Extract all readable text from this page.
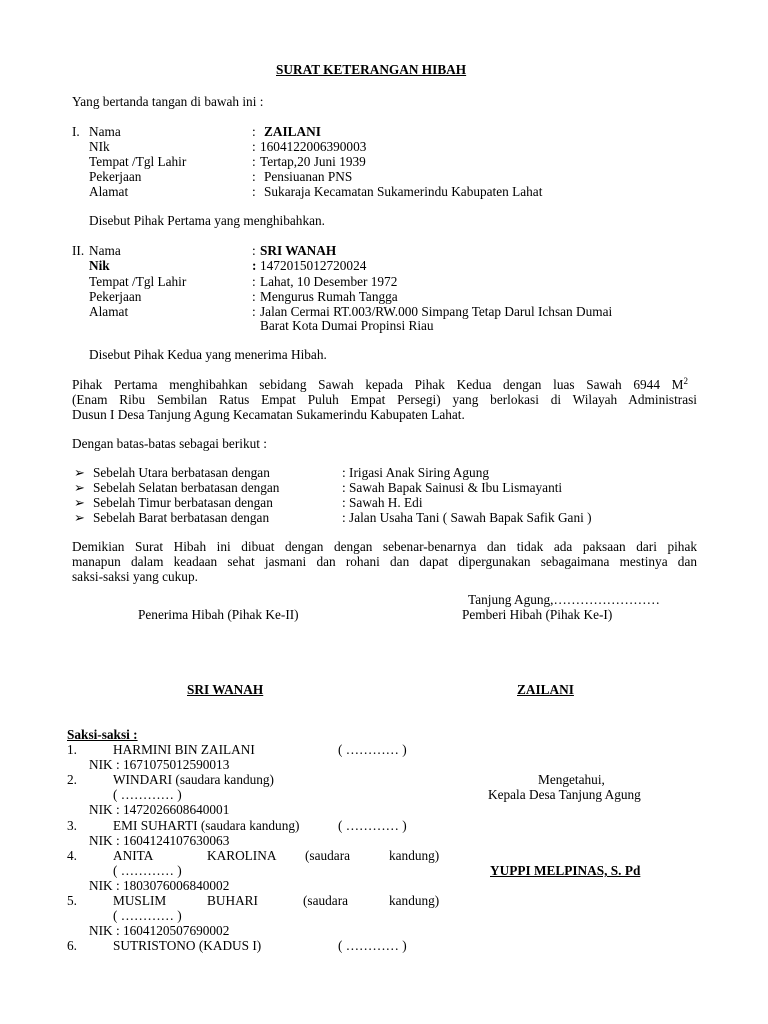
SURAT KETERANGAN HIBAH
Yang bertanda tangan di bawah ini :
I. Nama	: ZAILANI
NIk	: 1604122006390003
Tempat /Tgl Lahir	: Tertap,20 Juni 1939
Pekerjaan	: Pensiuanan PNS
Alamat	: Sukaraja Kecamatan Sukamerindu Kabupaten Lahat
Disebut Pihak Pertama yang menghibahkan.
II. Nama	: SRI WANAH
Nik	: 1472015012720024
Tempat /Tgl Lahir	: Lahat, 10 Desember 1972
Pekerjaan	: Mengurus Rumah Tangga
Alamat	: Jalan Cermai RT.003/RW.000 Simpang Tetap Darul Ichsan Dumai
Barat Kota Dumai Propinsi Riau
Disebut Pihak Kedua yang menerima Hibah.
Pihak Pertama menghibahkan sebidang Sawah kepada Pihak Kedua dengan luas Sawah 6944 $M^2$
(Enam Ribu Sembilan Ratus Empat Puluh Empat Persegi) yang berlokasi di Wilayah Administrasi
Dusun I Desa Tanjung Agung Kecamatan Sukamerindu Kabupaten Lahat.
Dengan batas-batas sebagai berikut :
➢ Sebelah Utara berbatasan dengan	: Irigasi Anak Siring Agung
➢ Sebelah Selatan berbatasan dengan	: Sawah Bapak Sainusi & Ibu Lismayanti
➢ Sebelah Timur berbatasan dengan	: Sawah H. Edi
➢ Sebelah Barat berbatasan dengan	: Jalan Usaha Tani ( Sawah Bapak Safik Gani )
Demikian Surat Hibah ini dibuat dengan dengan sebenar-benarnya dan tidak ada paksaan dari pihak
manapun dalam keadaan sehat jasmani dan rohani dan dapat dipergunakan sebagaimana mestinya dan
saksi-saksi yang cukup.
Tanjung Agung,……………………
Penerima Hibah (Pihak Ke-II)	Pemberi Hibah (Pihak Ke-I)
SRI WANAH	ZAILANI
Saksi-saksi :
1.	HARMINI BIN ZAILANI	( ………… )
NIK : 1671075012590013
2.	WINDARI (saudara kandung)
( ………… )
NIK : 1472026608640001
3.	EMI SUHARTI (saudara kandung)	( ………… )
NIK : 1604124107630063
4.	ANITA	KAROLINA (saudara	kandung)
( ………… )
NIK : 1803076006840002
5.	MUSLIM	BUHARI	(saudara	kandung)
( ………… )
NIK : 1604120507690002
6.	SUTRISTONO (KADUS I)	( ………… )
Mengetahui,
Kepala Desa Tanjung Agung
YUPPI MELPINAS, S. Pd
